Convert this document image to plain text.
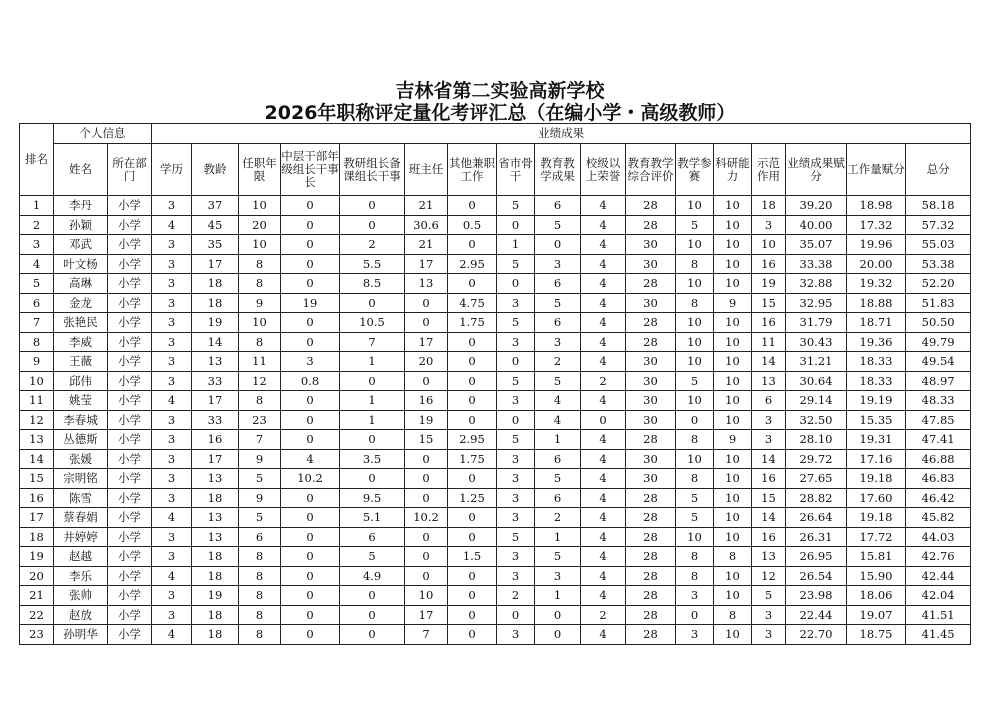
吉林省第二实验高新学校
2026年职称评定量化考评汇总（在编小学・高级教师）
排名	个人信息		业绩成果																
	姓名	所在部门	学历	教龄	任职年限	中层干部年级组长干事长	教研组长备课组长干事	班主任	其他兼职工作	省市骨干	教育教学成果	校级以上荣誉	教育教学综合评价	教学参赛	科研能力	示范作用	业绩成果赋分	工作量赋分	总分
1	李丹	小学	3	37	10	0	0	21	0	5	6	4	28	10	10	18	39.20	18.98	58.18
2	孙颖	小学	4	45	20	0	0	30.6	0.5	0	5	4	28	5	10	3	40.00	17.32	57.32
3	邓武	小学	3	35	10	0	2	21	0	1	0	4	30	10	10	10	35.07	19.96	55.03
4	叶文杨	小学	3	17	8	0	5.5	17	2.95	5	3	4	30	8	10	16	33.38	20.00	53.38
5	高琳	小学	3	18	8	0	8.5	13	0	0	6	4	28	10	10	19	32.88	19.32	52.20
6	金龙	小学	3	18	9	19	0	0	4.75	3	5	4	30	8	9	15	32.95	18.88	51.83
7	张艳民	小学	3	19	10	0	10.5	0	1.75	5	6	4	28	10	10	16	31.79	18.71	50.50
8	李威	小学	3	14	8	0	7	17	0	3	3	4	28	10	10	11	30.43	19.36	49.79
9	王薇	小学	3	13	11	3	1	20	0	0	2	4	30	10	10	14	31.21	18.33	49.54
10	邱伟	小学	3	33	12	0.8	0	0	0	5	5	2	30	5	10	13	30.64	18.33	48.97
11	姚莹	小学	4	17	8	0	1	16	0	3	4	4	30	10	10	6	29.14	19.19	48.33
12	李春城	小学	3	33	23	0	1	19	0	0	4	0	30	0	10	3	32.50	15.35	47.85
13	丛德斯	小学	3	16	7	0	0	15	2.95	5	1	4	28	8	9	3	28.10	19.31	47.41
14	张媛	小学	3	17	9	4	3.5	0	1.75	3	6	4	30	10	10	14	29.72	17.16	46.88
15	宗明铭	小学	3	13	5	10.2	0	0	0	3	5	4	30	8	10	16	27.65	19.18	46.83
16	陈雪	小学	3	18	9	0	9.5	0	1.25	3	6	4	28	5	10	15	28.82	17.60	46.42
17	蔡春娟	小学	4	13	5	0	5.1	10.2	0	3	2	4	28	5	10	14	26.64	19.18	45.82
18	井婷婷	小学	3	13	6	0	6	0	0	5	1	4	28	10	10	16	26.31	17.72	44.03
19	赵越	小学	3	18	8	0	5	0	1.5	3	5	4	28	8	8	13	26.95	15.81	42.76
20	李乐	小学	4	18	8	0	4.9	0	0	3	3	4	28	8	10	12	26.54	15.90	42.44
21	张帅	小学	3	19	8	0	0	10	0	2	1	4	28	3	10	5	23.98	18.06	42.04
22	赵放	小学	3	18	8	0	0	17	0	0	0	2	28	0	8	3	22.44	19.07	41.51
23	孙明华	小学	4	18	8	0	0	7	0	3	0	4	28	3	10	3	22.70	18.75	41.45
